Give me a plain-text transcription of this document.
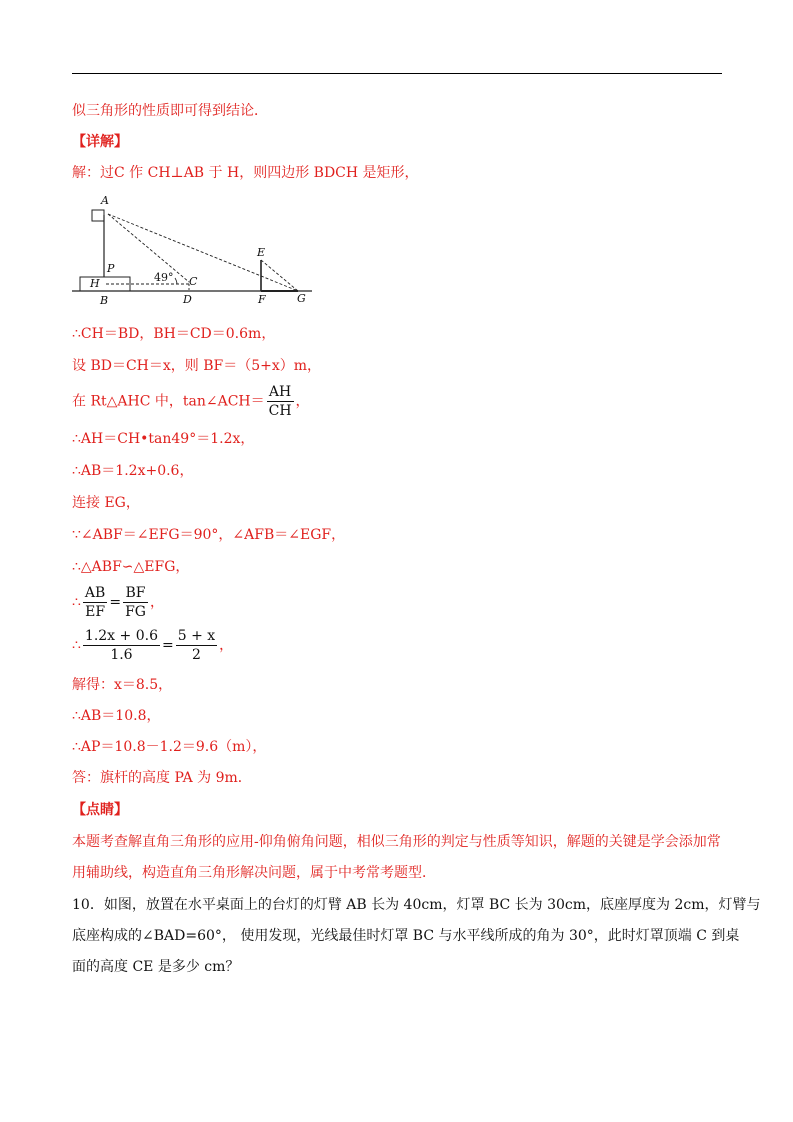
似三角形的性质即可得到结论．
【详解】
解：过C 作 CH⊥AB 于 H，则四边形 BDCH 是矩形，
A
P
H
B
C
D
E
F	G
49°
∴CH＝BD，BH＝CD＝0.6m，
设 BD＝CH＝x，则 BF＝（5+x）m，
在 Rt△AHC 中，tan∠ACH＝ $\frac{AH}{CH}$ ，
∴AH＝CH•tan49°＝1.2x，
∴AB＝1.2x+0.6，
连接 EG，
∵∠ABF＝∠EFG＝90°，∠AFB＝∠EGF，
∴△ABF∽△EFG，
∴ $\frac{AB}{EF} = \frac{BF}{FG}$ ，
∴ $\frac{1.2x + 0.6}{1.6} = \frac{5 + x}{2}$ ，
解得：x＝8.5，
∴AB＝10.8，
∴AP＝10.8－1.2＝9.6（m），
答：旗杆的高度 PA 为 9m．
【点睛】
本题考查解直角三角形的应用-仰角俯角问题，相似三角形的判定与性质等知识，解题的关键是学会添加常
用辅助线，构造直角三角形解决问题，属于中考常考题型．
10．如图，放置在水平桌面上的台灯的灯臂 AB 长为 40cm，灯罩 BC 长为 30cm，底座厚度为 2cm，灯臂与
底座构成的∠BAD=60°， 使用发现，光线最佳时灯罩 BC 与水平线所成的角为 30°，此时灯罩顶端 C 到桌
面的高度 CE 是多少 cm？
